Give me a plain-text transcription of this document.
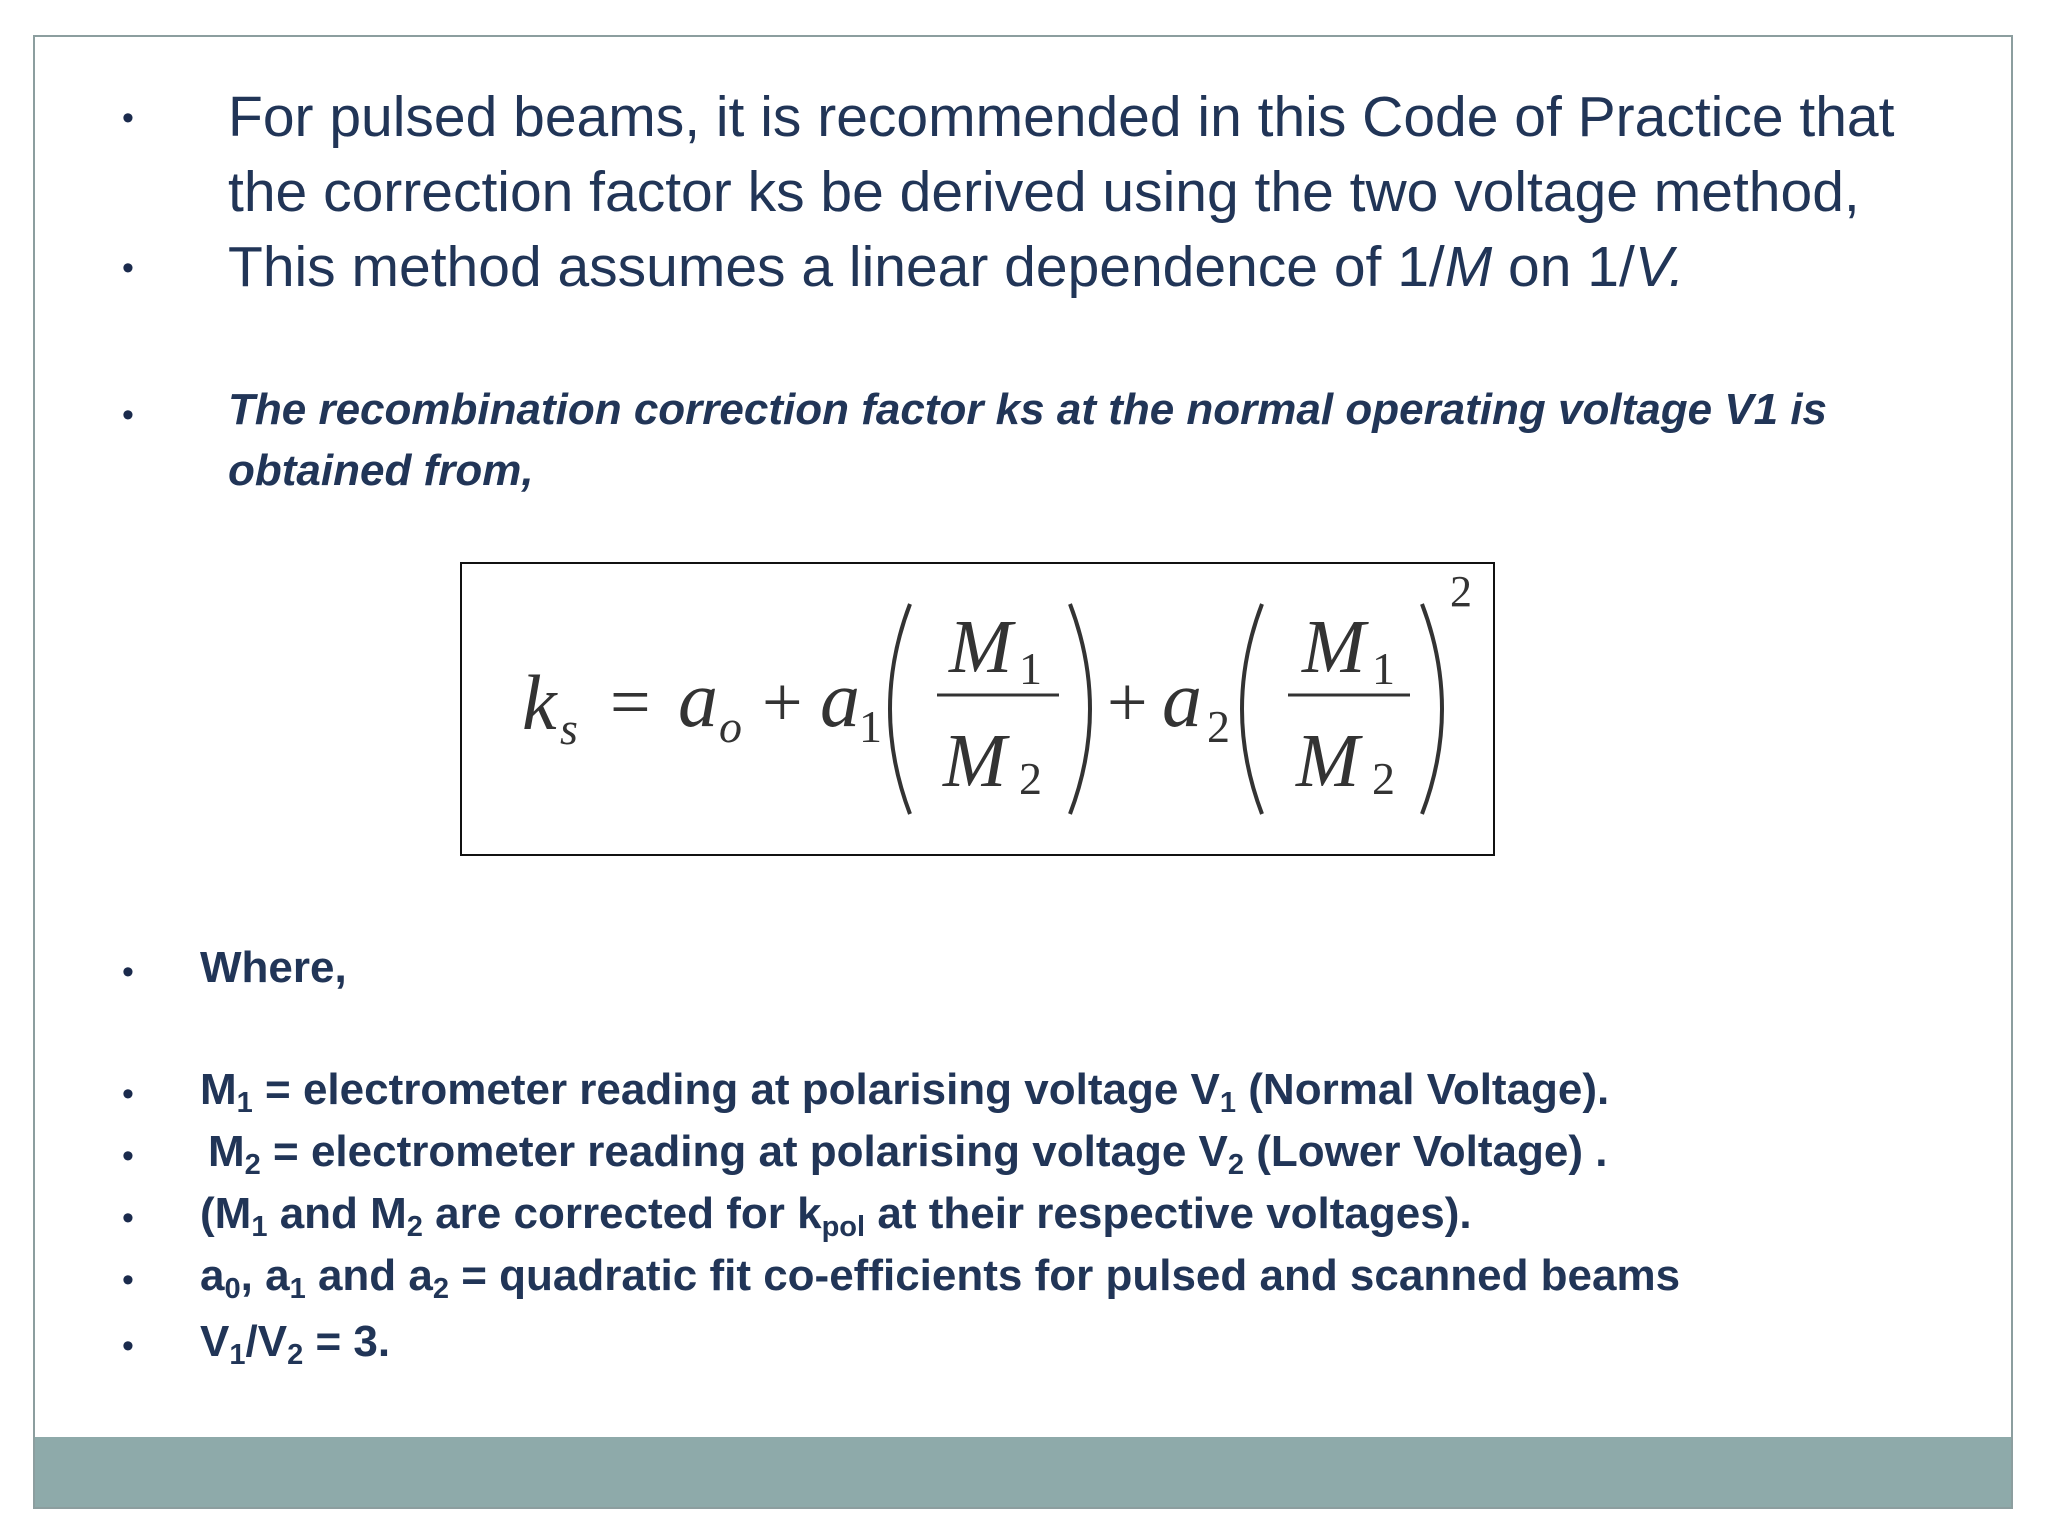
• For pulsed beams, it is recommended in this Code of Practice that
the correction factor ks be derived using the two voltage method,
• This method assumes a linear dependence of 1/M on 1/V.
• The recombination correction factor ks at the normal operating voltage V1 is
obtained from,
k s = a o + a 1
M 1
M 2
+ a 2
M 1
M 2
2
• Where,
• $M_1$ = electrometer reading at polarising voltage $V_1$ (Normal Voltage).
• $M_2$ = electrometer reading at polarising voltage $V_2$ (Lower Voltage) .
• ($M_1$ and $M_2$ are corrected for $k_{pol}$ at their respective voltages).
• $a_0$, $a_1$ and $a_2$ = quadratic fit co-efficients for pulsed and scanned beams
• $V_1/V_2 = 3$.
